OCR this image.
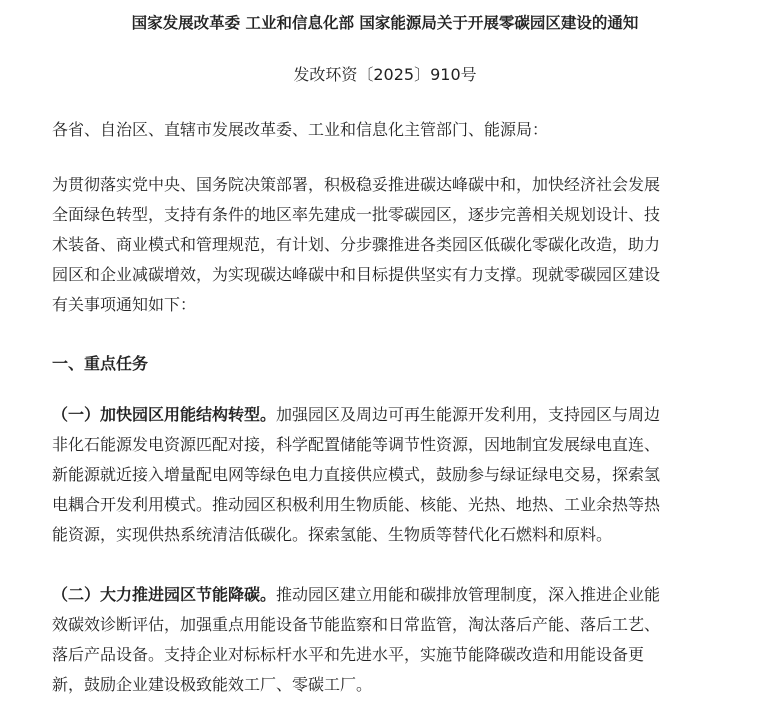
国家发展改革委 工业和信息化部 国家能源局关于开展零碳园区建设的通知
发改环资〔2025〕910号
各省、自治区、直辖市发展改革委、工业和信息化主管部门、能源局：
为贯彻落实党中央、国务院决策部署，积极稳妥推进碳达峰碳中和，加快经济社会发展
全面绿色转型，支持有条件的地区率先建成一批零碳园区，逐步完善相关规划设计、技
术装备、商业模式和管理规范，有计划、分步骤推进各类园区低碳化零碳化改造，助力
园区和企业减碳增效，为实现碳达峰碳中和目标提供坚实有力支撑。现就零碳园区建设
有关事项通知如下：
一、重点任务
（一）加快园区用能结构转型。加强园区及周边可再生能源开发利用，支持园区与周边
非化石能源发电资源匹配对接，科学配置储能等调节性资源，因地制宜发展绿电直连、
新能源就近接入增量配电网等绿色电力直接供应模式，鼓励参与绿证绿电交易，探索氢
电耦合开发利用模式。推动园区积极利用生物质能、核能、光热、地热、工业余热等热
能资源，实现供热系统清洁低碳化。探索氢能、生物质等替代化石燃料和原料。
（二）大力推进园区节能降碳。推动园区建立用能和碳排放管理制度，深入推进企业能
效碳效诊断评估，加强重点用能设备节能监察和日常监管，淘汰落后产能、落后工艺、
落后产品设备。支持企业对标标杆水平和先进水平，实施节能降碳改造和用能设备更
新，鼓励企业建设极致能效工厂、零碳工厂。
